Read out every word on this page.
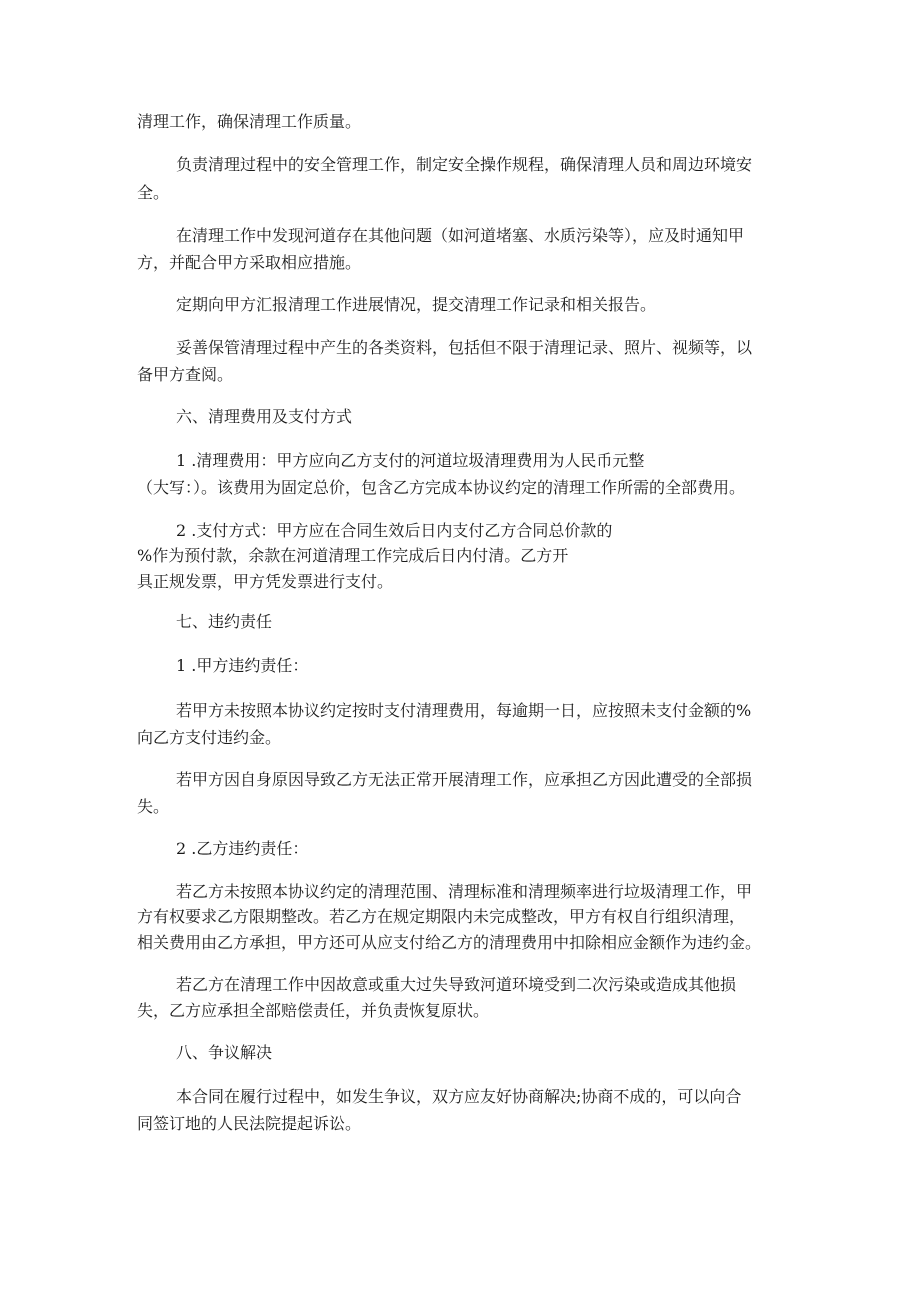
清理工作，确保清理工作质量。

负责清理过程中的安全管理工作，制定安全操作规程，确保清理人员和周边环境安

全。

在清理工作中发现河道存在其他问题（如河道堵塞、水质污染等），应及时通知甲

方，并配合甲方采取相应措施。

定期向甲方汇报清理工作进展情况，提交清理工作记录和相关报告。

妥善保管清理过程中产生的各类资料，包括但不限于清理记录、照片、视频等，以

备甲方查阅。

六、清理费用及支付方式

1 .清理费用：甲方应向乙方支付的河道垃圾清理费用为人民币元整

（大写：）。该费用为固定总价，包含乙方完成本协议约定的清理工作所需的全部费用。

2 .支付方式：甲方应在合同生效后日内支付乙方合同总价款的

%作为预付款，余款在河道清理工作完成后日内付清。乙方开

具正规发票，甲方凭发票进行支付。

七、违约责任

1 .甲方违约责任：

若甲方未按照本协议约定按时支付清理费用，每逾期一日，应按照未支付金额的%

向乙方支付违约金。

若甲方因自身原因导致乙方无法正常开展清理工作，应承担乙方因此遭受的全部损

失。

2 .乙方违约责任：

若乙方未按照本协议约定的清理范围、清理标准和清理频率进行垃圾清理工作，甲

方有权要求乙方限期整改。若乙方在规定期限内未完成整改，甲方有权自行组织清理，

相关费用由乙方承担，甲方还可从应支付给乙方的清理费用中扣除相应金额作为违约金。

若乙方在清理工作中因故意或重大过失导致河道环境受到二次污染或造成其他损

失，乙方应承担全部赔偿责任，并负责恢复原状。

八、争议解决

本合同在履行过程中，如发生争议，双方应友好协商解决;协商不成的，可以向合

同签订地的人民法院提起诉讼。
